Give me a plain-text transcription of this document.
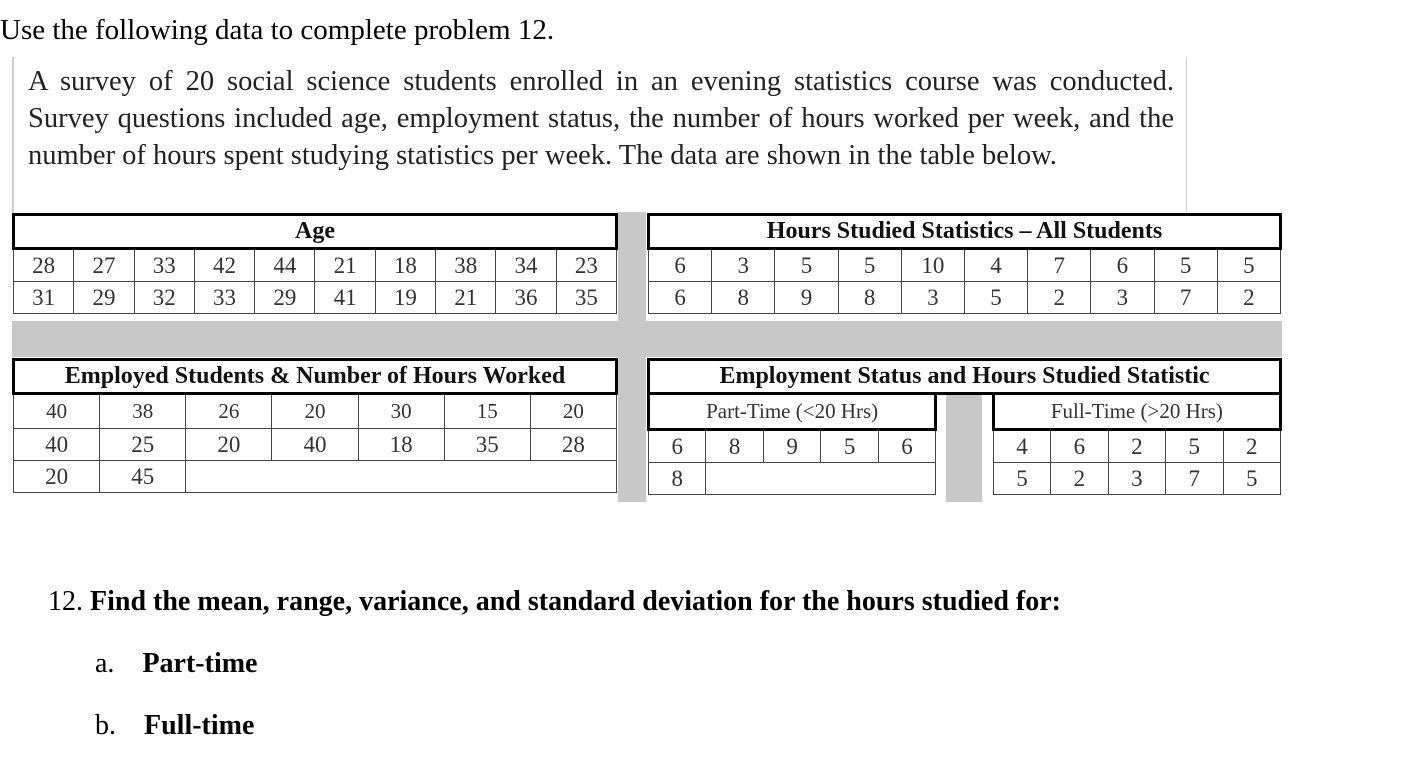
Use the following data to complete problem 12.

A survey of 20 social science students enrolled in an evening statistics course was conducted. Survey questions included age, employment status, the number of hours worked per week, and the number of hours spent studying statistics per week. The data are shown in the table below.

Age									
28	27	33	42	44	21	18	38	34	23
31	29	32	33	29	41	19	21	36	35
Hours Studied Statistics – All Students									
6	3	5	5	10	4	7	6	5	5
6	8	9	8	3	5	2	3	7	2
Employed Students & Number of Hours Worked						
40	38	26	20	30	15	20
40	25	20	40	18	35	28
20	45					
Employment Status and Hours Studied Statistic										
Part-Time (<20 Hrs)						Full-Time (>20 Hrs)				
6	8	9	5	6		4	6	2	5	2
8						5	2	3	7	5
12. Find the mean, range, variance, and standard deviation for the hours studied for:
a. Part-time
b. Full-time
